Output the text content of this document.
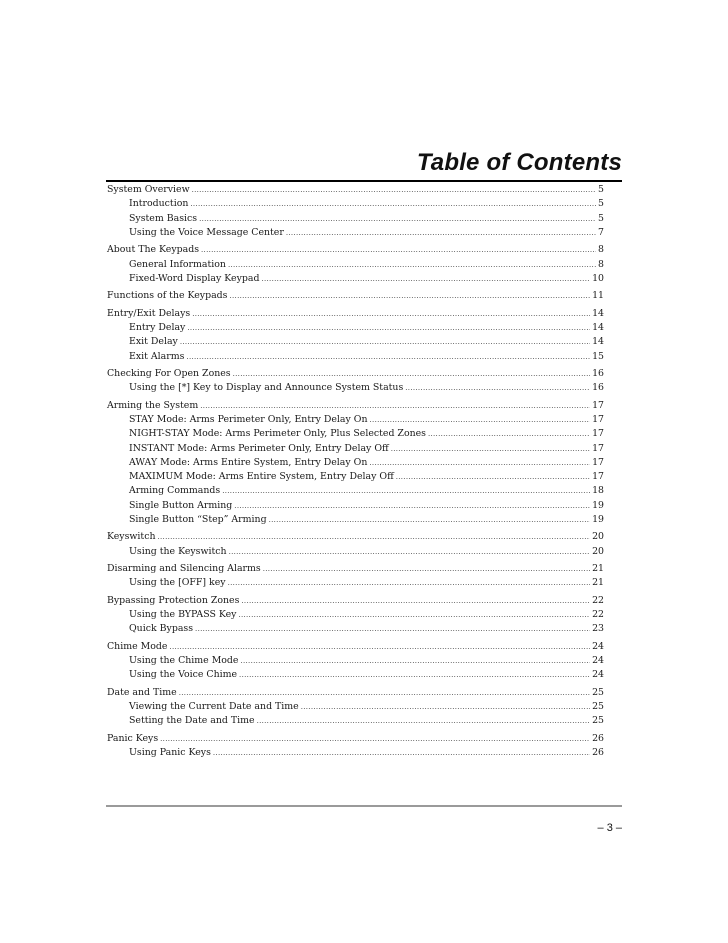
Table of Contents
System Overview .....	5
Introduction .....	5
System Basics .....	5
Using the Voice Message Center .....	7
About The Keypads .....	8
General Information .....	8
Fixed-Word Display Keypad .....	10
Functions of the Keypads .....	11
Entry/Exit Delays .....	14
Entry Delay .....	14
Exit Delay .....	14
Exit Alarms .....	15
Checking For Open Zones .....	16
Using the [*] Key to Display and Announce System Status .....	16
Arming the System .....	17
STAY Mode: Arms Perimeter Only, Entry Delay On .....	17
NIGHT-STAY Mode: Arms Perimeter Only, Plus Selected Zones .....	17
INSTANT Mode: Arms Perimeter Only, Entry Delay Off .....	17
AWAY Mode: Arms Entire System, Entry Delay On .....	17
MAXIMUM Mode: Arms Entire System, Entry Delay Off .....	17
Arming Commands .....	18
Single Button Arming .....	19
Single Button “Step” Arming .....	19
Keyswitch .....	20
Using the Keyswitch .....	20
Disarming and Silencing Alarms .....	21
Using the [OFF] key .....	21
Bypassing Protection Zones .....	22
Using the BYPASS Key .....	22
Quick Bypass .....	23
Chime Mode .....	24
Using the Chime Mode .....	24
Using the Voice Chime .....	24
Date and Time .....	25
Viewing the Current Date and Time .....	25
Setting the Date and Time .....	25
Panic Keys .....	26
Using Panic Keys .....	26
– 3 –
